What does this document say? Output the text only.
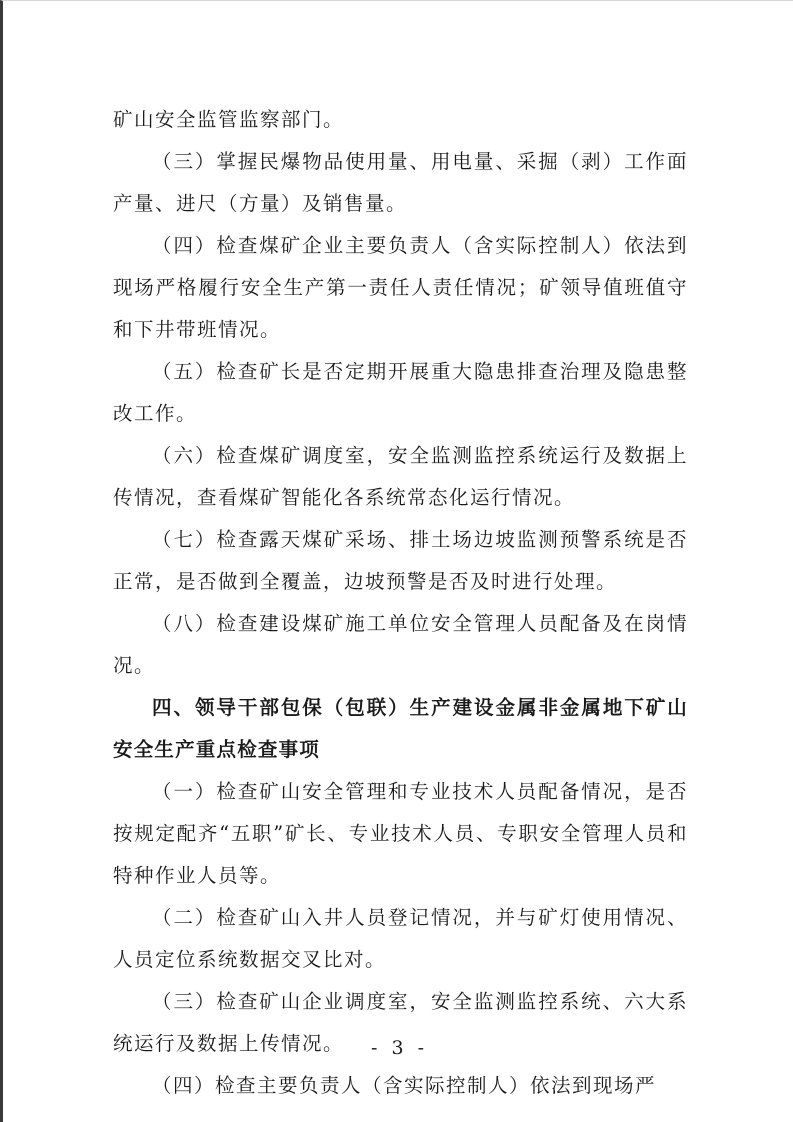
矿山安全监管监察部门。

（三）掌握民爆物品使用量、用电量、采掘（剥）工作面产量、进尺（方量）及销售量。

（四）检查煤矿企业主要负责人（含实际控制人）依法到现场严格履行安全生产第一责任人责任情况；矿领导值班值守和下井带班情况。

（五）检查矿长是否定期开展重大隐患排查治理及隐患整改工作。

（六）检查煤矿调度室，安全监测监控系统运行及数据上传情况，查看煤矿智能化各系统常态化运行情况。

（七）检查露天煤矿采场、排土场边坡监测预警系统是否正常，是否做到全覆盖，边坡预警是否及时进行处理。

（八）检查建设煤矿施工单位安全管理人员配备及在岗情况。

四、领导干部包保（包联）生产建设金属非金属地下矿山安全生产重点检查事项

（一）检查矿山安全管理和专业技术人员配备情况，是否按规定配齐“五职”矿长、专业技术人员、专职安全管理人员和特种作业人员等。

（二）检查矿山入井人员登记情况，并与矿灯使用情况、人员定位系统数据交叉比对。

（三）检查矿山企业调度室，安全监测监控系统、六大系统运行及数据上传情况。

（四）检查主要负责人（含实际控制人）依法到现场严

- 3 -
